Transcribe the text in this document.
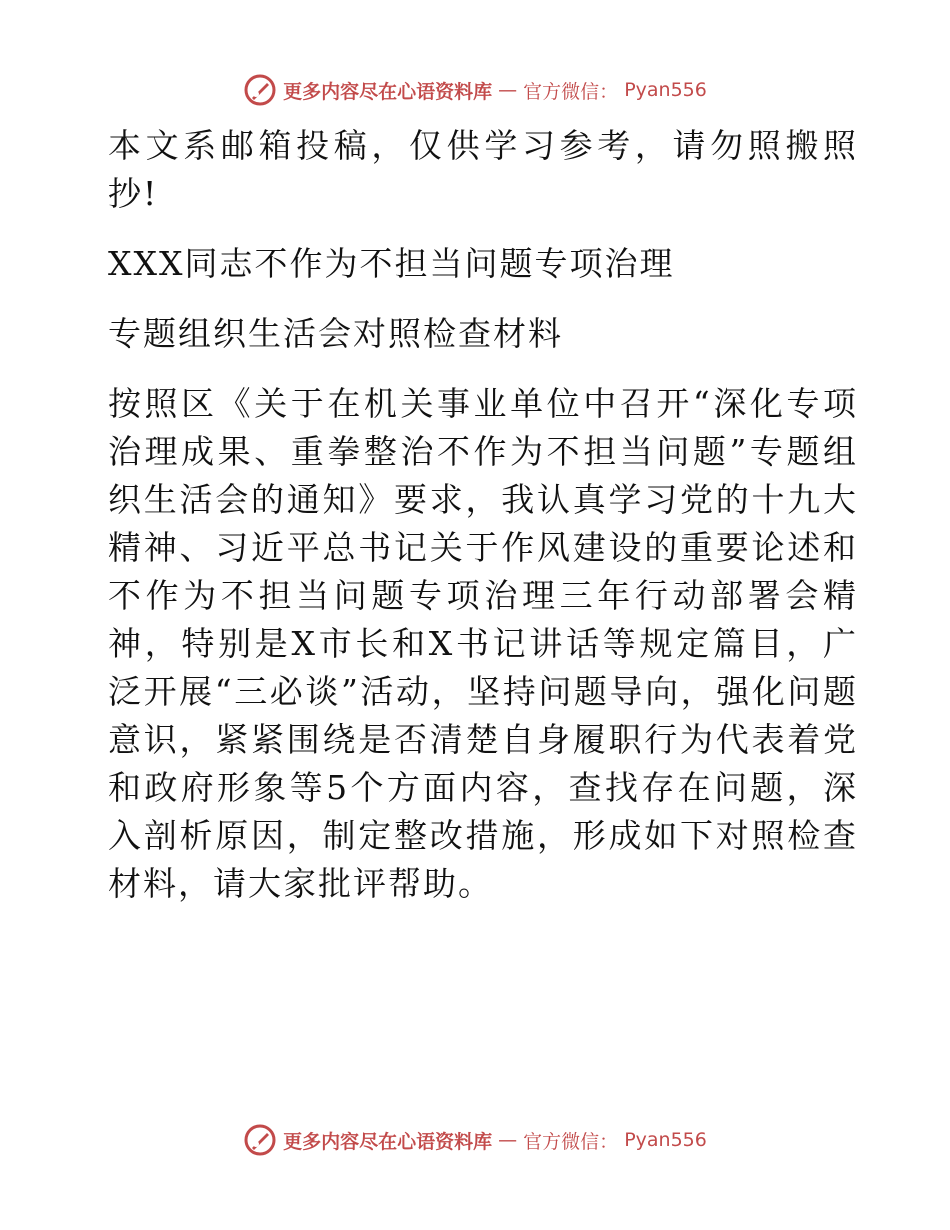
更多内容尽在心语资料库 — 官方微信： Pyan556

本文系邮箱投稿，仅供学习参考，请勿照搬照抄!

XXX同志不作为不担当问题专项治理

专题组织生活会对照检查材料

按照区《关于在机关事业单位中召开“深化专项治理成果、重拳整治不作为不担当问题”专题组织生活会的通知》要求，我认真学习党的十九大精神、习近平总书记关于作风建设的重要论述和不作为不担当问题专项治理三年行动部署会精神，特别是X市长和X书记讲话等规定篇目，广泛开展“三必谈”活动，坚持问题导向，强化问题意识，紧紧围绕是否清楚自身履职行为代表着党和政府形象等5个方面内容，查找存在问题，深入剖析原因，制定整改措施，形成如下对照检查材料，请大家批评帮助。

更多内容尽在心语资料库 — 官方微信： Pyan556
